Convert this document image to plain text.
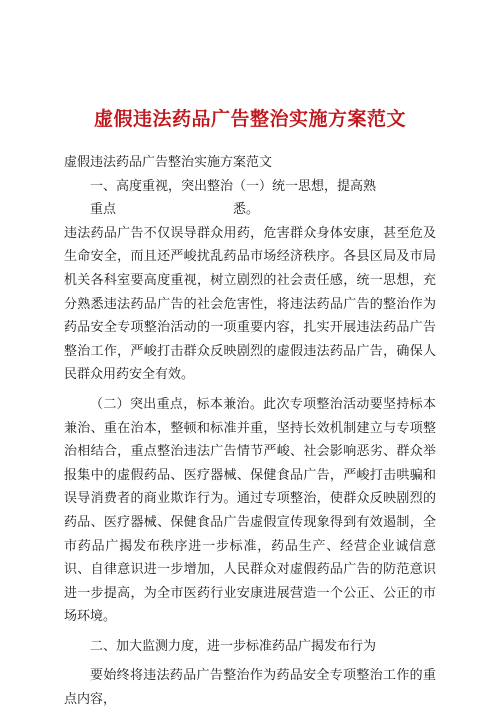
虚假违法药品广告整治实施方案范文

虚假违法药品广告整治实施方案范文

一、高度重视，突出整治重点
（一）统一思想，提高熟悉。

违法药品广告不仅误导群众用药，危害群众身体安康，甚至危及生命安全，而且还严峻扰乱药品市场经济秩序。各县区局及市局机关各科室要高度重视，树立剧烈的社会责任感，统一思想，充分熟悉违法药品广告的社会危害性，将违法药品广告的整治作为药品安全专项整治活动的一项重要内容，扎实开展违法药品广告整治工作，严峻打击群众反映剧烈的虚假违法药品广告，确保人民群众用药安全有效。

（二）突出重点，标本兼治。此次专项整治活动要坚持标本兼治、重在治本，整顿和标准并重，坚持长效机制建立与专项整治相结合，重点整治违法广告情节严峻、社会影响恶劣、群众举报集中的虚假药品、医疗器械、保健食品广告，严峻打击哄骗和误导消费者的商业欺诈行为。通过专项整治，使群众反映剧烈的药品、医疗器械、保健食品广告虚假宣传现象得到有效遏制，全市药品广揭发布秩序进一步标准，药品生产、经营企业诚信意识、自律意识进一步增加，人民群众对虚假药品广告的防范意识进一步提高，为全市医药行业安康进展营造一个公正、公正的市场环境。

二、加大监测力度，进一步标准药品广揭发布行为

要始终将违法药品广告整治作为药品安全专项整治工作的重点内容，
